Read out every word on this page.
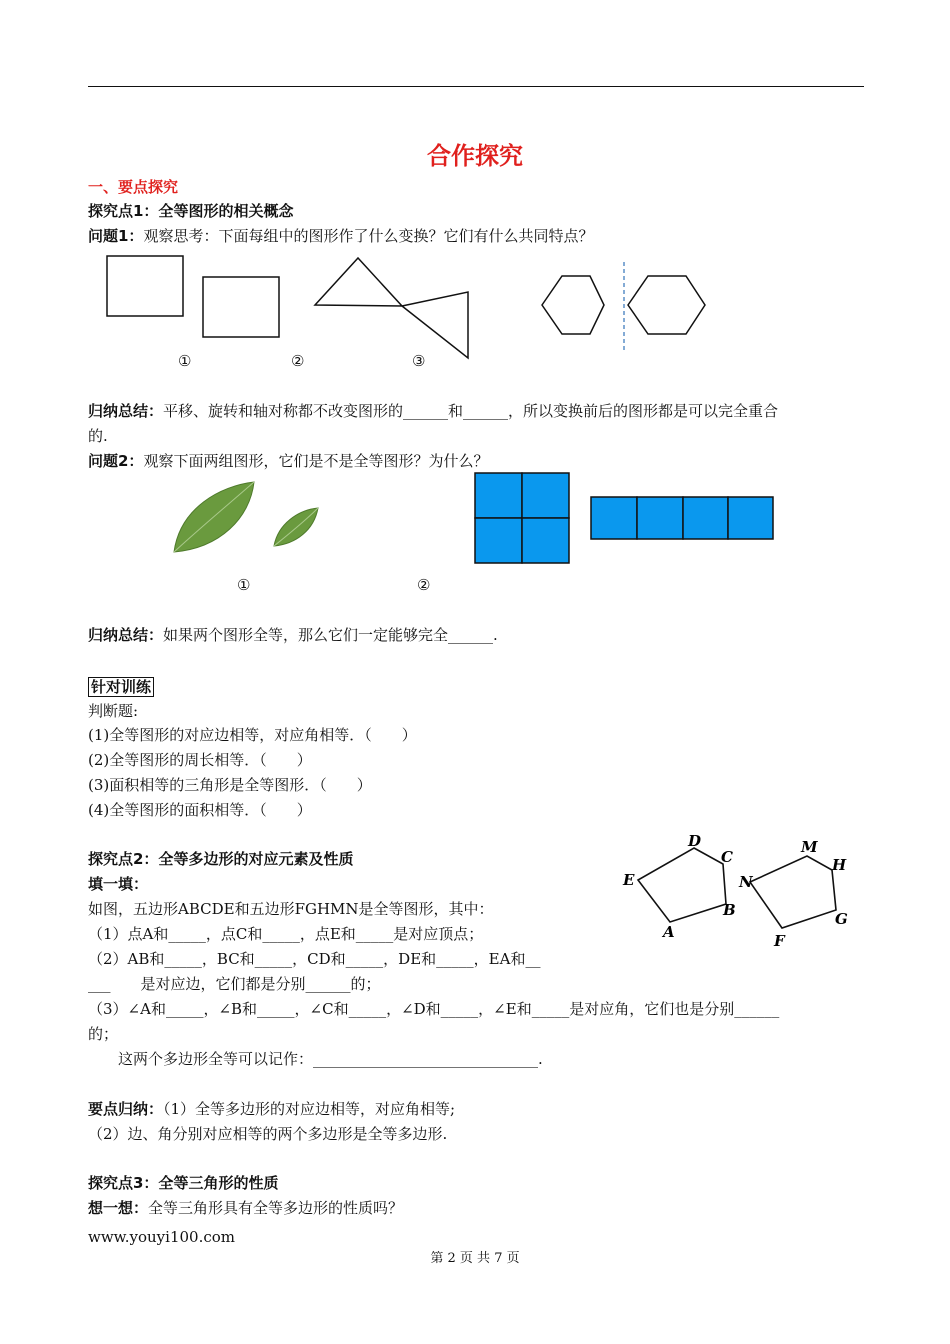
合作探究
一、要点探究
探究点1：全等图形的相关概念
问题1：观察思考：下面每组中的图形作了什么变换？它们有什么共同特点？
①	②	③
归纳总结：平移、旋转和轴对称都不改变图形的______和______，所以变换前后的图形都是可以完全重合
的.
问题2：观察下面两组图形，它们是不是全等图形？为什么？
①	②
归纳总结：如果两个图形全等，那么它们一定能够完全______.
针对训练
判断题:
(1)全等图形的对应边相等，对应角相等．（　　）
(2)全等图形的周长相等．（　　）
(3)面积相等的三角形是全等图形．（　　）
(4)全等图形的面积相等．（　　）
D
C
E
B
A
M
H
N
G
F
探究点2：全等多边形的对应元素及性质
填一填：
如图，五边形ABCDE和五边形FGHMN是全等图形，其中：
（1）点A和_____，点C和_____，点E和_____是对应顶点；
（2）AB和_____，BC和_____，CD和_____，DE和_____，EA和__
___　　是对应边，它们都是分别______的；
（3）∠A和_____，∠B和_____，∠C和_____，∠D和_____，∠E和_____是对应角，它们也是分别______
的；
这两个多边形全等可以记作：______________________________.
要点归纳：（1）全等多边形的对应边相等，对应角相等;
（2）边、角分别对应相等的两个多边形是全等多边形.
探究点3：全等三角形的性质
想一想：全等三角形具有全等多边形的性质吗？
www.youyi100.com
第 2 页 共 7 页
